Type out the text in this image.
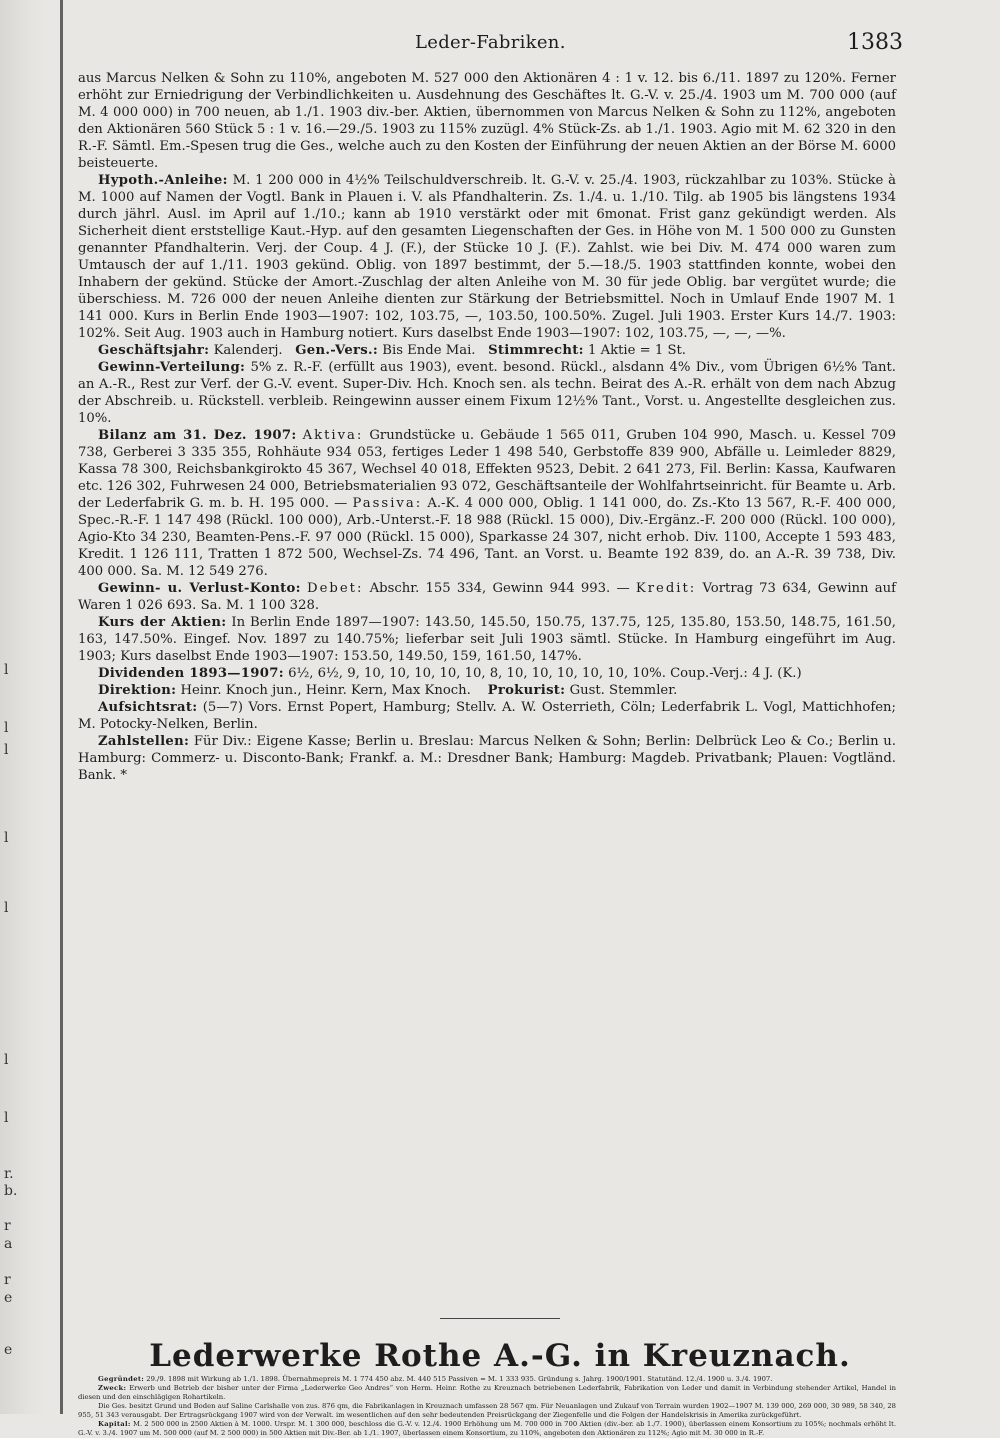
l
l
l
l
l
l
l
r.
b.
r
a
r
e
e
Leder-Fabriken.	1383

aus Marcus Nelken & Sohn zu 110%, angeboten M. 527 000 den Aktionären 4 : 1 v. 12. bis 6./11. 1897 zu 120%. Ferner erhöht zur Erniedrigung der Verbindlichkeiten u. Ausdehnung des Geschäftes lt. G.-V. v. 25./4. 1903 um M. 700 000 (auf M. 4 000 000) in 700 neuen, ab 1./1. 1903 div.-ber. Aktien, übernommen von Marcus Nelken & Sohn zu 112%, angeboten den Aktionären 560 Stück 5 : 1 v. 16.—29./5. 1903 zu 115% zuzügl. 4% Stück-Zs. ab 1./1. 1903. Agio mit M. 62 320 in den R.-F. Sämtl. Em.-Spesen trug die Ges., welche auch zu den Kosten der Einführung der neuen Aktien an der Börse M. 6000 beisteuerte.

Hypoth.-Anleihe: M. 1 200 000 in 4½% Teilschuldverschreib. lt. G.-V. v. 25./4. 1903, rückzahlbar zu 103%. Stücke à M. 1000 auf Namen der Vogtl. Bank in Plauen i. V. als Pfandhalterin. Zs. 1./4. u. 1./10. Tilg. ab 1905 bis längstens 1934 durch jährl. Ausl. im April auf 1./10.; kann ab 1910 verstärkt oder mit 6monat. Frist ganz gekündigt werden. Als Sicherheit dient erststellige Kaut.-Hyp. auf den gesamten Liegenschaften der Ges. in Höhe von M. 1 500 000 zu Gunsten genannter Pfandhalterin. Verj. der Coup. 4 J. (F.), der Stücke 10 J. (F.). Zahlst. wie bei Div. M. 474 000 waren zum Umtausch der auf 1./11. 1903 gekünd. Oblig. von 1897 bestimmt, der 5.—18./5. 1903 stattfinden konnte, wobei den Inhabern der gekünd. Stücke der Amort.-Zuschlag der alten Anleihe von M. 30 für jede Oblig. bar vergütet wurde; die überschiess. M. 726 000 der neuen Anleihe dienten zur Stärkung der Betriebsmittel. Noch in Umlauf Ende 1907 M. 1 141 000. Kurs in Berlin Ende 1903—1907: 102, 103.75, —, 103.50, 100.50%. Zugel. Juli 1903. Erster Kurs 14./7. 1903: 102%. Seit Aug. 1903 auch in Hamburg notiert. Kurs daselbst Ende 1903—1907: 102, 103.75, —, —, —%.

Geschäftsjahr: Kalenderj. Gen.-Vers.: Bis Ende Mai. Stimmrecht: 1 Aktie = 1 St.

Gewinn-Verteilung: 5% z. R.-F. (erfüllt aus 1903), event. besond. Rückl., alsdann 4% Div., vom Übrigen 6½% Tant. an A.-R., Rest zur Verf. der G.-V. event. Super-Div. Hch. Knoch sen. als techn. Beirat des A.-R. erhält von dem nach Abzug der Abschreib. u. Rückstell. verbleib. Reingewinn ausser einem Fixum 12½% Tant., Vorst. u. Angestellte desgleichen zus. 10%.

Bilanz am 31. Dez. 1907: Aktiva: Grundstücke u. Gebäude 1 565 011, Gruben 104 990, Masch. u. Kessel 709 738, Gerberei 3 335 355, Rohhäute 934 053, fertiges Leder 1 498 540, Gerbstoffe 839 900, Abfälle u. Leimleder 8829, Kassa 78 300, Reichsbankgirokto 45 367, Wechsel 40 018, Effekten 9523, Debit. 2 641 273, Fil. Berlin: Kassa, Kaufwaren etc. 126 302, Fuhrwesen 24 000, Betriebsmaterialien 93 072, Geschäftsanteile der Wohlfahrtseinricht. für Beamte u. Arb. der Lederfabrik G. m. b. H. 195 000. — Passiva: A.-K. 4 000 000, Oblig. 1 141 000, do. Zs.-Kto 13 567, R.-F. 400 000, Spec.-R.-F. 1 147 498 (Rückl. 100 000), Arb.-Unterst.-F. 18 988 (Rückl. 15 000), Div.-Ergänz.-F. 200 000 (Rückl. 100 000), Agio-Kto 34 230, Beamten-Pens.-F. 97 000 (Rückl. 15 000), Sparkasse 24 307, nicht erhob. Div. 1100, Accepte 1 593 483, Kredit. 1 126 111, Tratten 1 872 500, Wechsel-Zs. 74 496, Tant. an Vorst. u. Beamte 192 839, do. an A.-R. 39 738, Div. 400 000. Sa. M. 12 549 276.

Gewinn- u. Verlust-Konto: Debet: Abschr. 155 334, Gewinn 944 993. — Kredit: Vortrag 73 634, Gewinn auf Waren 1 026 693. Sa. M. 1 100 328.

Kurs der Aktien: In Berlin Ende 1897—1907: 143.50, 145.50, 150.75, 137.75, 125, 135.80, 153.50, 148.75, 161.50, 163, 147.50%. Eingef. Nov. 1897 zu 140.75%; lieferbar seit Juli 1903 sämtl. Stücke. In Hamburg eingeführt im Aug. 1903; Kurs daselbst Ende 1903—1907: 153.50, 149.50, 159, 161.50, 147%.

Dividenden 1893—1907: 6½, 6½, 9, 10, 10, 10, 10, 10, 8, 10, 10, 10, 10, 10, 10%. Coup.-Verj.: 4 J. (K.)

Direktion: Heinr. Knoch jun., Heinr. Kern, Max Knoch. Prokurist: Gust. Stemmler.

Aufsichtsrat: (5—7) Vors. Ernst Popert, Hamburg; Stellv. A. W. Osterrieth, Cöln; Lederfabrik L. Vogl, Mattichhofen; M. Potocky-Nelken, Berlin.

Zahlstellen: Für Div.: Eigene Kasse; Berlin u. Breslau: Marcus Nelken & Sohn; Berlin: Delbrück Leo & Co.; Berlin u. Hamburg: Commerz- u. Disconto-Bank; Frankf. a. M.: Dresdner Bank; Hamburg: Magdeb. Privatbank; Plauen: Vogtländ. Bank. *

Lederwerke Rothe A.-G. in Kreuznach.

Gegründet: 29./9. 1898 mit Wirkung ab 1./1. 1898. Übernahmepreis M. 1 774 450 abz. M. 440 515 Passiven = M. 1 333 935. Gründung s. Jahrg. 1900/1901. Statutänd. 12./4. 1900 u. 3./4. 1907.

Zweck: Erwerb und Betrieb der bisher unter der Firma „Lederwerke Geo Andres“ von Herm. Heinr. Rothe zu Kreuznach betriebenen Lederfabrik, Fabrikation von Leder und damit in Verbindung stehender Artikel, Handel in diesen und den einschlägigen Rohartikeln.

Die Ges. besitzt Grund und Boden auf Saline Carlshalle von zus. 876 qm, die Fabrikanlagen in Kreuznach umfassen 28 567 qm. Für Neuanlagen und Zukauf von Terrain wurden 1902—1907 M. 139 000, 269 000, 30 989, 58 340, 28 955, 51 343 verausgabt. Der Ertragsrückgang 1907 wird von der Verwalt. im wesentlichen auf den sehr bedeutenden Preisrückgang der Ziegenfelle und die Folgen der Handelskrisis in Amerika zurückgeführt.

Kapital: M. 2 500 000 in 2500 Aktien à M. 1000. Urspr. M. 1 300 000, beschloss die G.-V. v. 12./4. 1900 Erhöhung um M. 700 000 in 700 Aktien (div.-ber. ab 1./7. 1900), überlassen einem Konsortium zu 105%; nochmals erhöht lt. G.-V. v. 3./4. 1907 um M. 500 000 (auf M. 2 500 000) in 500 Aktien mit Div.-Ber. ab 1./1. 1907, überlassen einem Konsortium, zu 110%, angeboten den Aktionären zu 112%; Agio mit M. 30 000 in R.-F.
